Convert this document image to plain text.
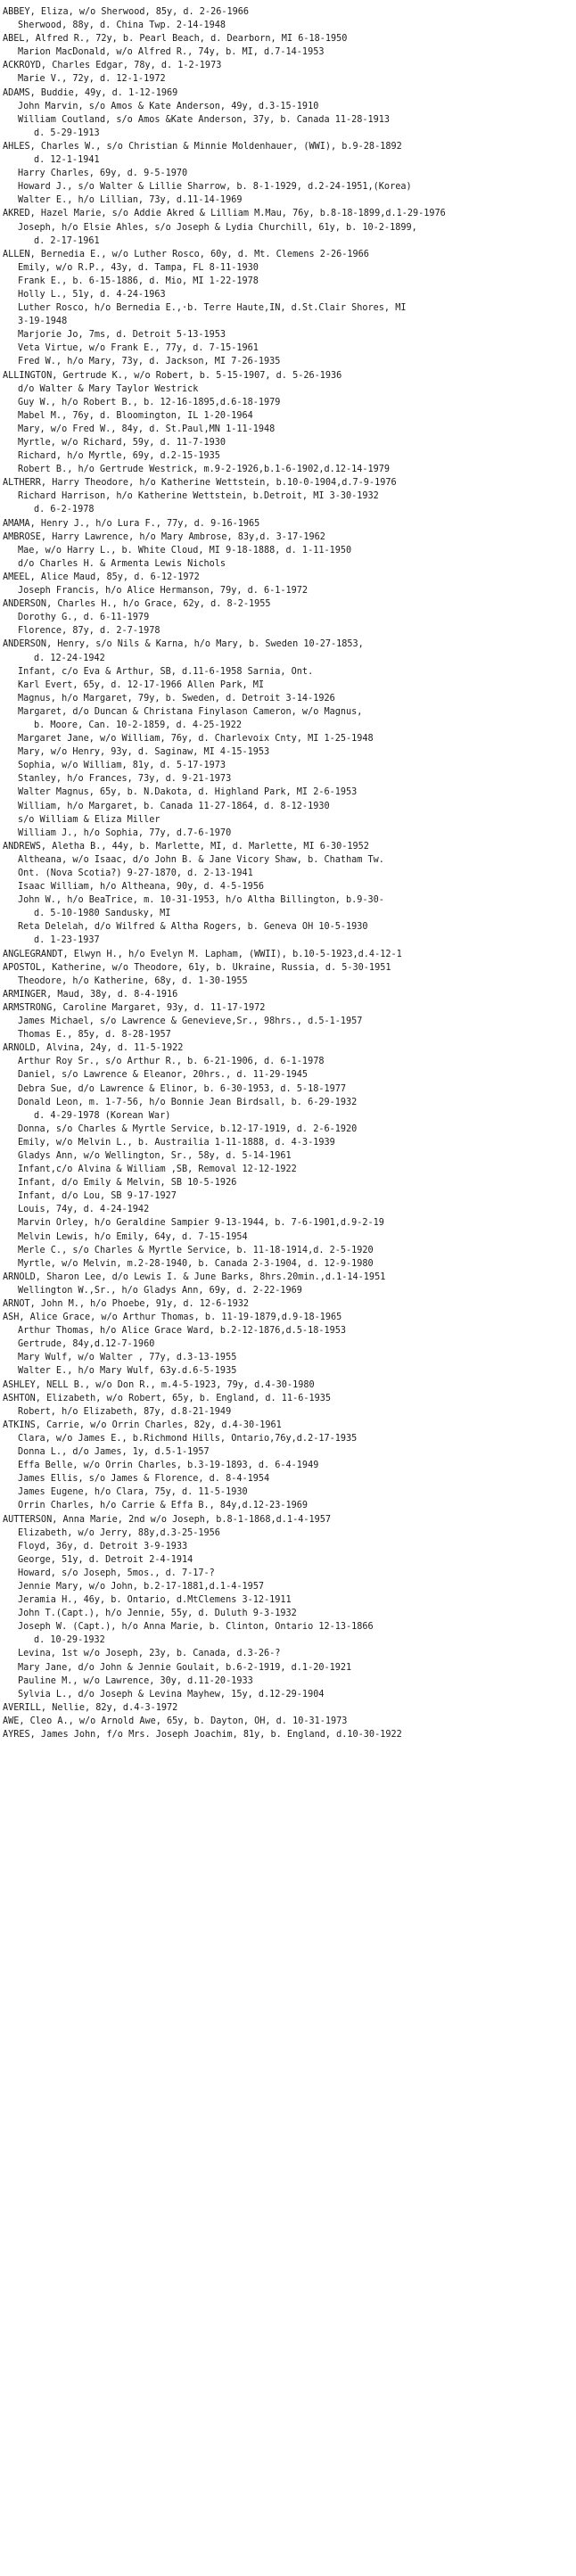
ABBEY, Eliza, w/o Sherwood, 85y, d. 2-26-1966
Sherwood, 88y, d. China Twp. 2-14-1948
ABEL, Alfred R., 72y, b. Pearl Beach, d. Dearborn, MI 6-18-1950
Marion MacDonald, w/o Alfred R., 74y, b. MI, d.7-14-1953
ACKROYD, Charles Edgar, 78y, d. 1-2-1973
Marie V., 72y, d. 12-1-1972
ADAMS, Buddie, 49y, d. 1-12-1969
John Marvin, s/o Amos & Kate Anderson, 49y, d.3-15-1910
William Coutland, s/o Amos &Kate Anderson, 37y, b. Canada 11-28-1913
d. 5-29-1913
AHLES, Charles W., s/o Christian & Minnie Moldenhauer, (WWI), b.9-28-1892
d. 12-1-1941
Harry Charles, 69y, d. 9-5-1970
Howard J., s/o Walter & Lillie Sharrow, b. 8-1-1929, d.2-24-1951,(Korea)
Walter E., h/o Lillian, 73y, d.11-14-1969
AKRED, Hazel Marie, s/o Addie Akred & Lilliam M.Mau, 76y, b.8-18-1899,d.1-29-1976
Joseph, h/o Elsie Ahles, s/o Joseph & Lydia Churchill, 61y, b. 10-2-1899,
d. 2-17-1961
ALLEN, Bernedia E., w/o Luther Rosco, 60y, d. Mt. Clemens 2-26-1966
Emily, w/o R.P., 43y, d. Tampa, FL 8-11-1930
Frank E., b. 6-15-1886, d. Mio, MI 1-22-1978
Holly L., 51y, d. 4-24-1963
Luther Rosco, h/o Bernedia E.,·b. Terre Haute,IN, d.St.Clair Shores, MI
3-19-1948
Marjorie Jo, 7ms, d. Detroit 5-13-1953
Veta Virtue, w/o Frank E., 77y, d. 7-15-1961
Fred W., h/o Mary, 73y, d. Jackson, MI 7-26-1935
ALLINGTON, Gertrude K., w/o Robert, b. 5-15-1907, d. 5-26-1936
d/o Walter & Mary Taylor Westrick
Guy W., h/o Robert B., b. 12-16-1895,d.6-18-1979
Mabel M., 76y, d. Bloomington, IL 1-20-1964
Mary, w/o Fred W., 84y, d. St.Paul,MN 1-11-1948
Myrtle, w/o Richard, 59y, d. 11-7-1930
Richard, h/o Myrtle, 69y, d.2-15-1935
Robert B., h/o Gertrude Westrick, m.9-2-1926,b.1-6-1902,d.12-14-1979
ALTHERR, Harry Theodore, h/o Katherine Wettstein, b.10-0-1904,d.7-9-1976
Richard Harrison, h/o Katherine Wettstein, b.Detroit, MI 3-30-1932
d. 6-2-1978
AMAMA, Henry J., h/o Lura F., 77y, d. 9-16-1965
AMBROSE, Harry Lawrence, h/o Mary Ambrose, 83y,d. 3-17-1962
Mae, w/o Harry L., b. White Cloud, MI 9-18-1888, d. 1-11-1950
d/o Charles H. & Armenta Lewis Nichols
AMEEL, Alice Maud, 85y, d. 6-12-1972
Joseph Francis, h/o Alice Hermanson, 79y, d. 6-1-1972
ANDERSON, Charles H., h/o Grace, 62y, d. 8-2-1955
Dorothy G., d. 6-11-1979
Florence, 87y, d. 2-7-1978
ANDERSON, Henry, s/o Nils & Karna, h/o Mary, b. Sweden 10-27-1853,
d. 12-24-1942
Infant, c/o Eva & Arthur, SB, d.11-6-1958 Sarnia, Ont.
Karl Evert, 65y, d. 12-17-1966 Allen Park, MI
Magnus, h/o Margaret, 79y, b. Sweden, d. Detroit 3-14-1926
Margaret, d/o Duncan & Christana Finylason Cameron, w/o Magnus,
b. Moore, Can. 10-2-1859, d. 4-25-1922
Margaret Jane, w/o William, 76y, d. Charlevoix Cnty, MI 1-25-1948
Mary, w/o Henry, 93y, d. Saginaw, MI 4-15-1953
Sophia, w/o William, 81y, d. 5-17-1973
Stanley, h/o Frances, 73y, d. 9-21-1973
Walter Magnus, 65y, b. N.Dakota, d. Highland Park, MI 2-6-1953
William, h/o Margaret, b. Canada 11-27-1864, d. 8-12-1930
s/o William & Eliza Miller
William J., h/o Sophia, 77y, d.7-6-1970
ANDREWS, Aletha B., 44y, b. Marlette, MI, d. Marlette, MI 6-30-1952
Altheana, w/o Isaac, d/o John B. & Jane Vicory Shaw, b. Chatham Tw.
Ont. (Nova Scotia?) 9-27-1870, d. 2-13-1941
Isaac William, h/o Altheana, 90y, d. 4-5-1956
John W., h/o BeaTrice, m. 10-31-1953, h/o Altha Billington, b.9-30-
d. 5-10-1980 Sandusky, MI
Reta Delelah, d/o Wilfred & Altha Rogers, b. Geneva OH 10-5-1930
d. 1-23-1937
ANGLEGRANDT, Elwyn H., h/o Evelyn M. Lapham, (WWII), b.10-5-1923,d.4-12-1
APOSTOL, Katherine, w/o Theodore, 61y, b. Ukraine, Russia, d. 5-30-1951
Theodore, h/o Katherine, 68y, d. 1-30-1955
ARMINGER, Maud, 38y, d. 8-4-1916
ARMSTRONG, Caroline Margaret, 93y, d. 11-17-1972
James Michael, s/o Lawrence & Genevieve,Sr., 98hrs., d.5-1-1957
Thomas E., 85y, d. 8-28-1957
ARNOLD, Alvina, 24y, d. 11-5-1922
Arthur Roy Sr., s/o Arthur R., b. 6-21-1906, d. 6-1-1978
Daniel, s/o Lawrence & Eleanor, 20hrs., d. 11-29-1945
Debra Sue, d/o Lawrence & Elinor, b. 6-30-1953, d. 5-18-1977
Donald Leon, m. 1-7-56, h/o Bonnie Jean Birdsall, b. 6-29-1932
d. 4-29-1978 (Korean War)
Donna, s/o Charles & Myrtle Service, b.12-17-1919, d. 2-6-1920
Emily, w/o Melvin L., b. Austrailia 1-11-1888, d. 4-3-1939
Gladys Ann, w/o Wellington, Sr., 58y, d. 5-14-1961
Infant,c/o Alvina & William ,SB, Removal 12-12-1922
Infant, d/o Emily & Melvin, SB 10-5-1926
Infant, d/o Lou, SB 9-17-1927
Louis, 74y, d. 4-24-1942
Marvin Orley, h/o Geraldine Sampier 9-13-1944, b. 7-6-1901,d.9-2-19
Melvin Lewis, h/o Emily, 64y, d. 7-15-1954
Merle C., s/o Charles & Myrtle Service, b. 11-18-1914,d. 2-5-1920
Myrtle, w/o Melvin, m.2-28-1940, b. Canada 2-3-1904, d. 12-9-1980
ARNOLD, Sharon Lee, d/o Lewis I. & June Barks, 8hrs.20min.,d.1-14-1951
Wellington W.,Sr., h/o Gladys Ann, 69y, d. 2-22-1969
ARNOT, John M., h/o Phoebe, 91y, d. 12-6-1932
ASH, Alice Grace, w/o Arthur Thomas, b. 11-19-1879,d.9-18-1965
Arthur Thomas, h/o Alice Grace Ward, b.2-12-1876,d.5-18-1953
Gertrude, 84y,d.12-7-1960
Mary Wulf, w/o Walter , 77y, d.3-13-1955
Walter E., h/o Mary Wulf, 63y.d.6-5-1935
ASHLEY, NELL B., w/o Don R., m.4-5-1923, 79y, d.4-30-1980
ASHTON, Elizabeth, w/o Robert, 65y, b. England, d. 11-6-1935
Robert, h/o Elizabeth, 87y, d.8-21-1949
ATKINS, Carrie, w/o Orrin Charles, 82y, d.4-30-1961
Clara, w/o James E., b.Richmond Hills, Ontario,76y,d.2-17-1935
Donna L., d/o James, 1y, d.5-1-1957
Effa Belle, w/o Orrin Charles, b.3-19-1893, d. 6-4-1949
James Ellis, s/o James & Florence, d. 8-4-1954
James Eugene, h/o Clara, 75y, d. 11-5-1930
Orrin Charles, h/o Carrie & Effa B., 84y,d.12-23-1969
AUTTERSON, Anna Marie, 2nd w/o Joseph, b.8-1-1868,d.1-4-1957
Elizabeth, w/o Jerry, 88y,d.3-25-1956
Floyd, 36y, d. Detroit 3-9-1933
George, 51y, d. Detroit 2-4-1914
Howard, s/o Joseph, 5mos., d. 7-17-?
Jennie Mary, w/o John, b.2-17-1881,d.1-4-1957
Jeramia H., 46y, b. Ontario, d.MtClemens 3-12-1911
John T.(Capt.), h/o Jennie, 55y, d. Duluth 9-3-1932
Joseph W. (Capt.), h/o Anna Marie, b. Clinton, Ontario 12-13-1866
d. 10-29-1932
Levina, 1st w/o Joseph, 23y, b. Canada, d.3-26-?
Mary Jane, d/o John & Jennie Goulait, b.6-2-1919, d.1-20-1921
Pauline M., w/o Lawrence, 30y, d.11-20-1933
Sylvia L., d/o Joseph & Levina Mayhew, 15y, d.12-29-1904
AVERILL, Nellie, 82y, d.4-3-1972
AWE, Cleo A., w/o Arnold Awe, 65y, b. Dayton, OH, d. 10-31-1973
AYRES, James John, f/o Mrs. Joseph Joachim, 81y, b. England, d.10-30-1922
